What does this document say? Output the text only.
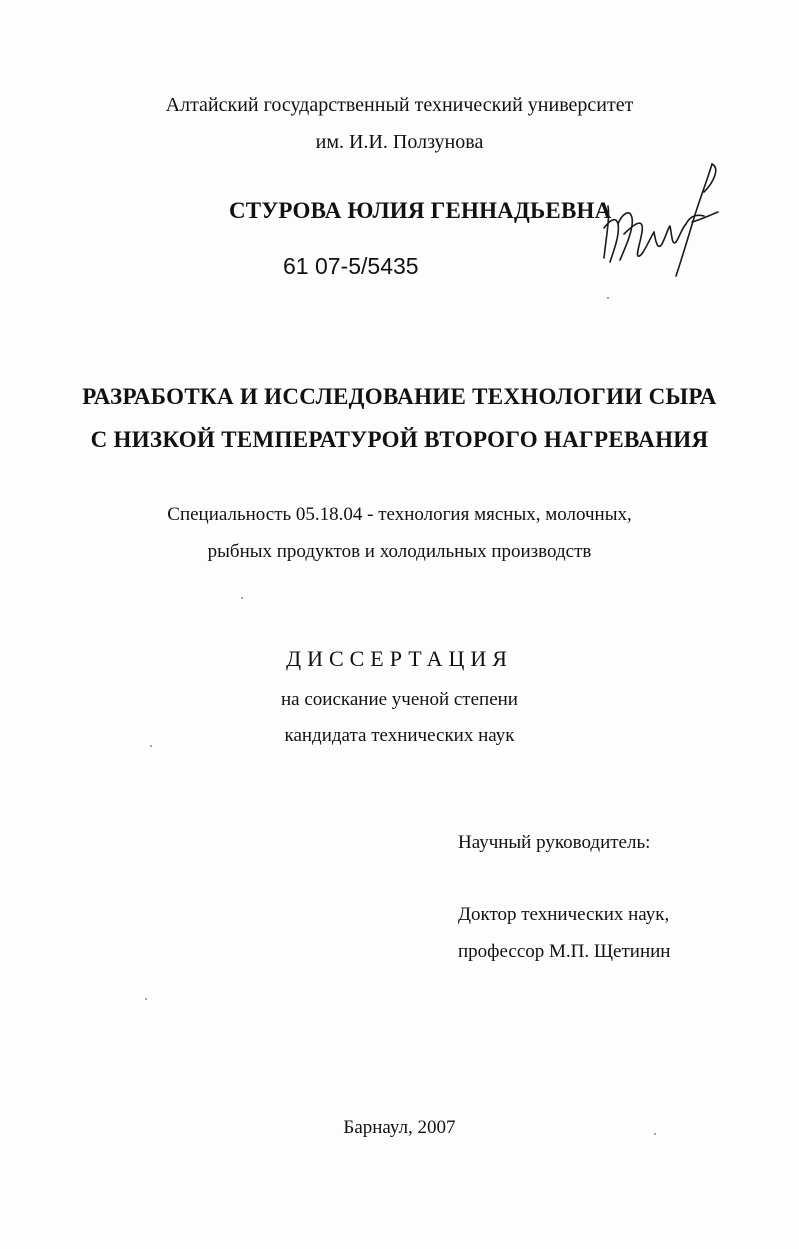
Алтайский государственный технический университет
им. И.И. Ползунова
СТУРОВА ЮЛИЯ ГЕННАДЬЕВНА
61 07-5/5435
РАЗРАБОТКА И ИССЛЕДОВАНИЕ ТЕХНОЛОГИИ СЫРА
С НИЗКОЙ ТЕМПЕРАТУРОЙ ВТОРОГО НАГРЕВАНИЯ
Специальность 05.18.04 - технология мясных, молочных,
рыбных продуктов и холодильных производств
ДИССЕРТАЦИЯ
на соискание ученой степени
кандидата технических наук
Научный руководитель:
Доктор технических наук,
профессор М.П. Щетинин
Барнаул, 2007
